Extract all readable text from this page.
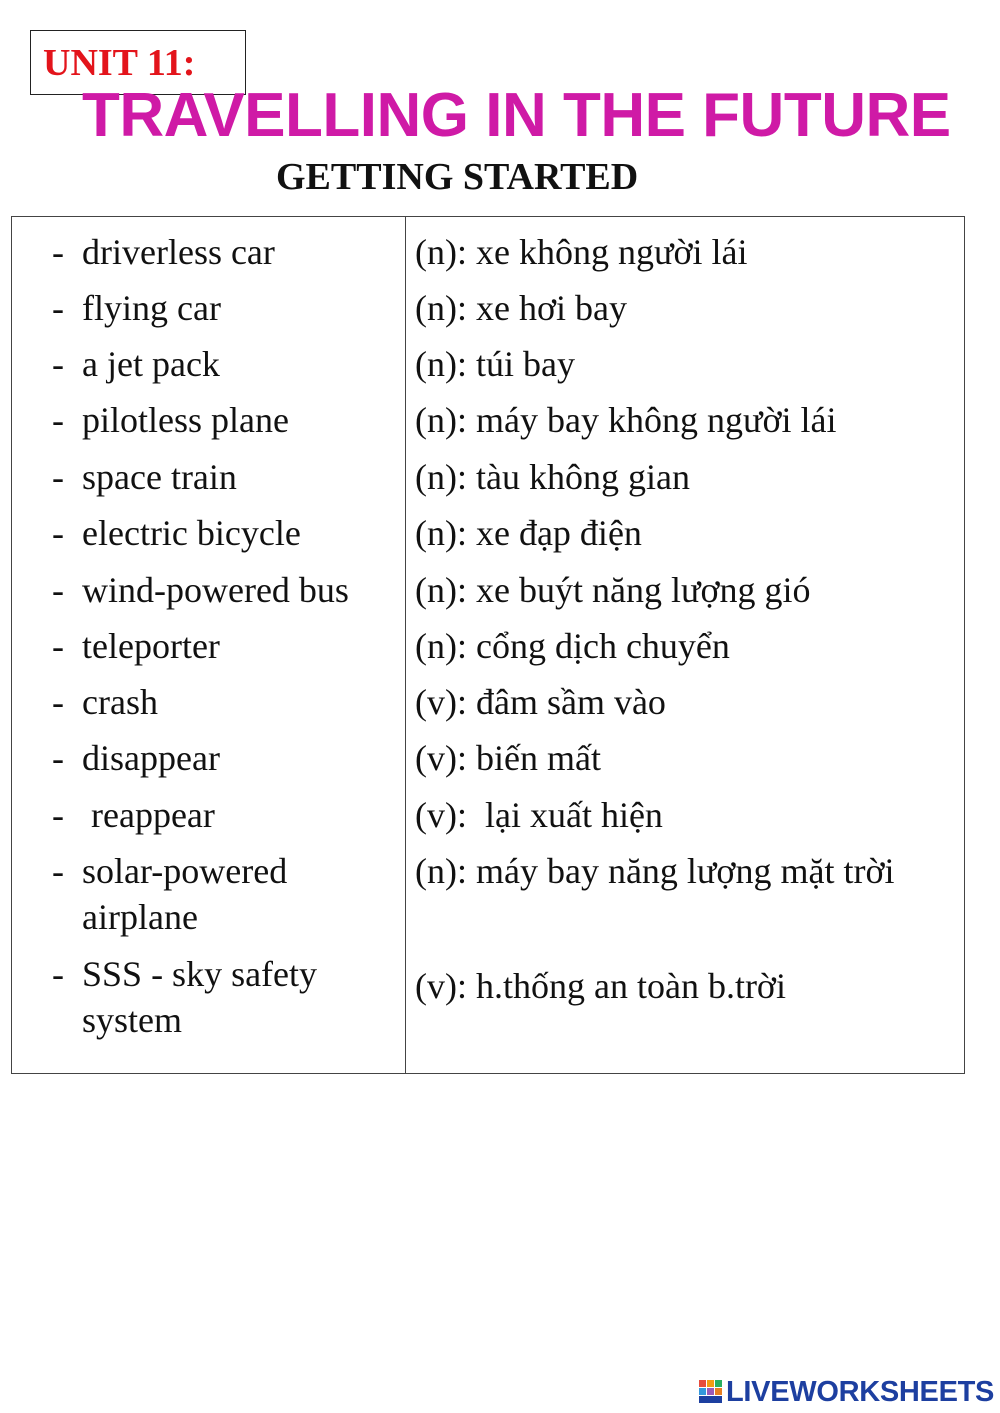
UNIT 11:
TRAVELLING IN THE FUTURE
GETTING STARTED
- driverless car	(n): xe không người lái
- flying car	(n): xe hơi bay
- a jet pack	(n): túi bay
- pilotless plane	(n): máy bay không người lái
- space train	(n): tàu không gian
- electric bicycle	(n): xe đạp điện
- wind-powered bus	(n): xe buýt năng lượng gió
- teleporter	(n): cổng dịch chuyển
- crash	(v): đâm sầm vào
- disappear	(v): biến mất
- reappear	(v):  lại xuất hiện
- solar-powered airplane
(n): máy bay năng lượng mặt trời
- SSS - sky safety system
(v): h.thống an toàn b.trời
LIVEWORKSHEETS
